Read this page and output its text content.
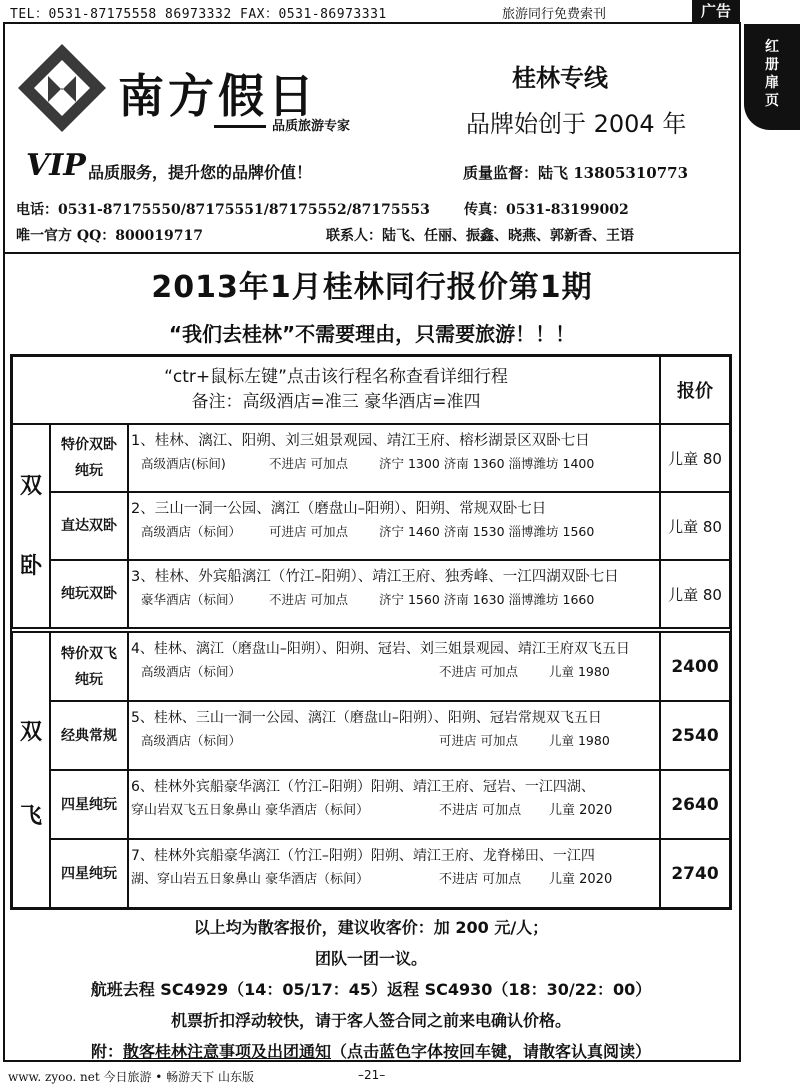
TEL：0531-87175558 86973332 FAX：0531-86973331	旅游同行免费索刊	广告
红
册
扉
页
南方假日
品质旅游专家
桂林专线
品牌始创于 2004 年
VIP 品质服务，提升您的品牌价值！	质量监督：陆飞 13805310773
电话：0531-87175550/87175551/87175552/87175553 传真：0531-83199002
唯一官方 QQ：800019717	联系人：陆飞、任丽、振鑫、晓燕、郭新香、王语
2013年1月桂林同行报价第1期
“我们去桂林”不需要理由，只需要旅游！！！
“ctr+鼠标左键”点击该行程名称查看详细行程
备注：高级酒店=准三 豪华酒店=准四	报价
双
卧
特价双卧
纯玩
1、桂林、漓江、阳朔、刘三姐景观园、靖江王府、榕杉湖景区双卧七日
高级酒店(标间)	不进店 可加点 济宁 1300 济南 1360 淄博潍坊 1400	儿童 80
直达双卧
2、三山一洞一公园、漓江（磨盘山–阳朔）、阳朔、常规双卧七日
高级酒店（标间） 可进店 可加点 济宁 1460 济南 1530 淄博潍坊 1560	儿童 80
纯玩双卧
3、桂林、外宾船漓江（竹江–阳朔）、靖江王府、独秀峰、一江四湖双卧七日
豪华酒店（标间） 不进店 可加点 济宁 1560 济南 1630 淄博潍坊 1660	儿童 80
双
飞
特价双飞
纯玩
4、桂林、漓江（磨盘山–阳朔）、阳朔、冠岩、刘三姐景观园、靖江王府双飞五日
高级酒店（标间）	不进店 可加点 儿童 1980	2400
经典常规
5、桂林、三山一洞一公园、漓江（磨盘山–阳朔）、阳朔、冠岩常规双飞五日
高级酒店（标间）	可进店 可加点 儿童 1980	2540
四星纯玩
6、桂林外宾船豪华漓江（竹江–阳朔）阳朔、靖江王府、冠岩、一江四湖、
穿山岩双飞五日象鼻山 豪华酒店（标间）	不进店 可加点 儿童 2020	2640
四星纯玩
7、桂林外宾船豪华漓江（竹江–阳朔）阳朔、靖江王府、龙脊梯田、一江四
湖、穿山岩五日象鼻山 豪华酒店（标间）	不进店 可加点 儿童 2020	2740
以上均为散客报价，建议收客价：加 200 元/人；
团队一团一议。
航班去程 SC4929（14：05/17：45）返程 SC4930（18：30/22：00）
机票折扣浮动较快，请于客人签合同之前来电确认价格。
附：散客桂林注意事项及出团通知（点击蓝色字体按回车键，请散客认真阅读）
www. zyoo. net 今日旅游 • 畅游天下 山东版	–21–
